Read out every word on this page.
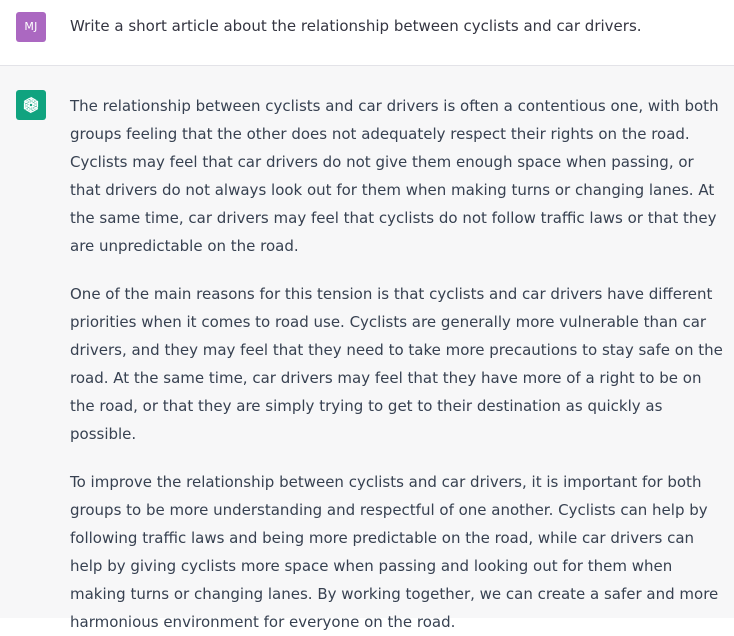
MJ	Write a short article about the relationship between cyclists and car drivers.

The relationship between cyclists and car drivers is often a contentious one, with both groups feeling that the other does not adequately respect their rights on the road. Cyclists may feel that car drivers do not give them enough space when passing, or that drivers do not always look out for them when making turns or changing lanes. At the same time, car drivers may feel that cyclists do not follow traffic laws or that they are unpredictable on the road.

One of the main reasons for this tension is that cyclists and car drivers have different priorities when it comes to road use. Cyclists are generally more vulnerable than car drivers, and they may feel that they need to take more precautions to stay safe on the road. At the same time, car drivers may feel that they have more of a right to be on the road, or that they are simply trying to get to their destination as quickly as possible.

To improve the relationship between cyclists and car drivers, it is important for both groups to be more understanding and respectful of one another. Cyclists can help by following traffic laws and being more predictable on the road, while car drivers can help by giving cyclists more space when passing and looking out for them when making turns or changing lanes. By working together, we can create a safer and more harmonious environment for everyone on the road.
